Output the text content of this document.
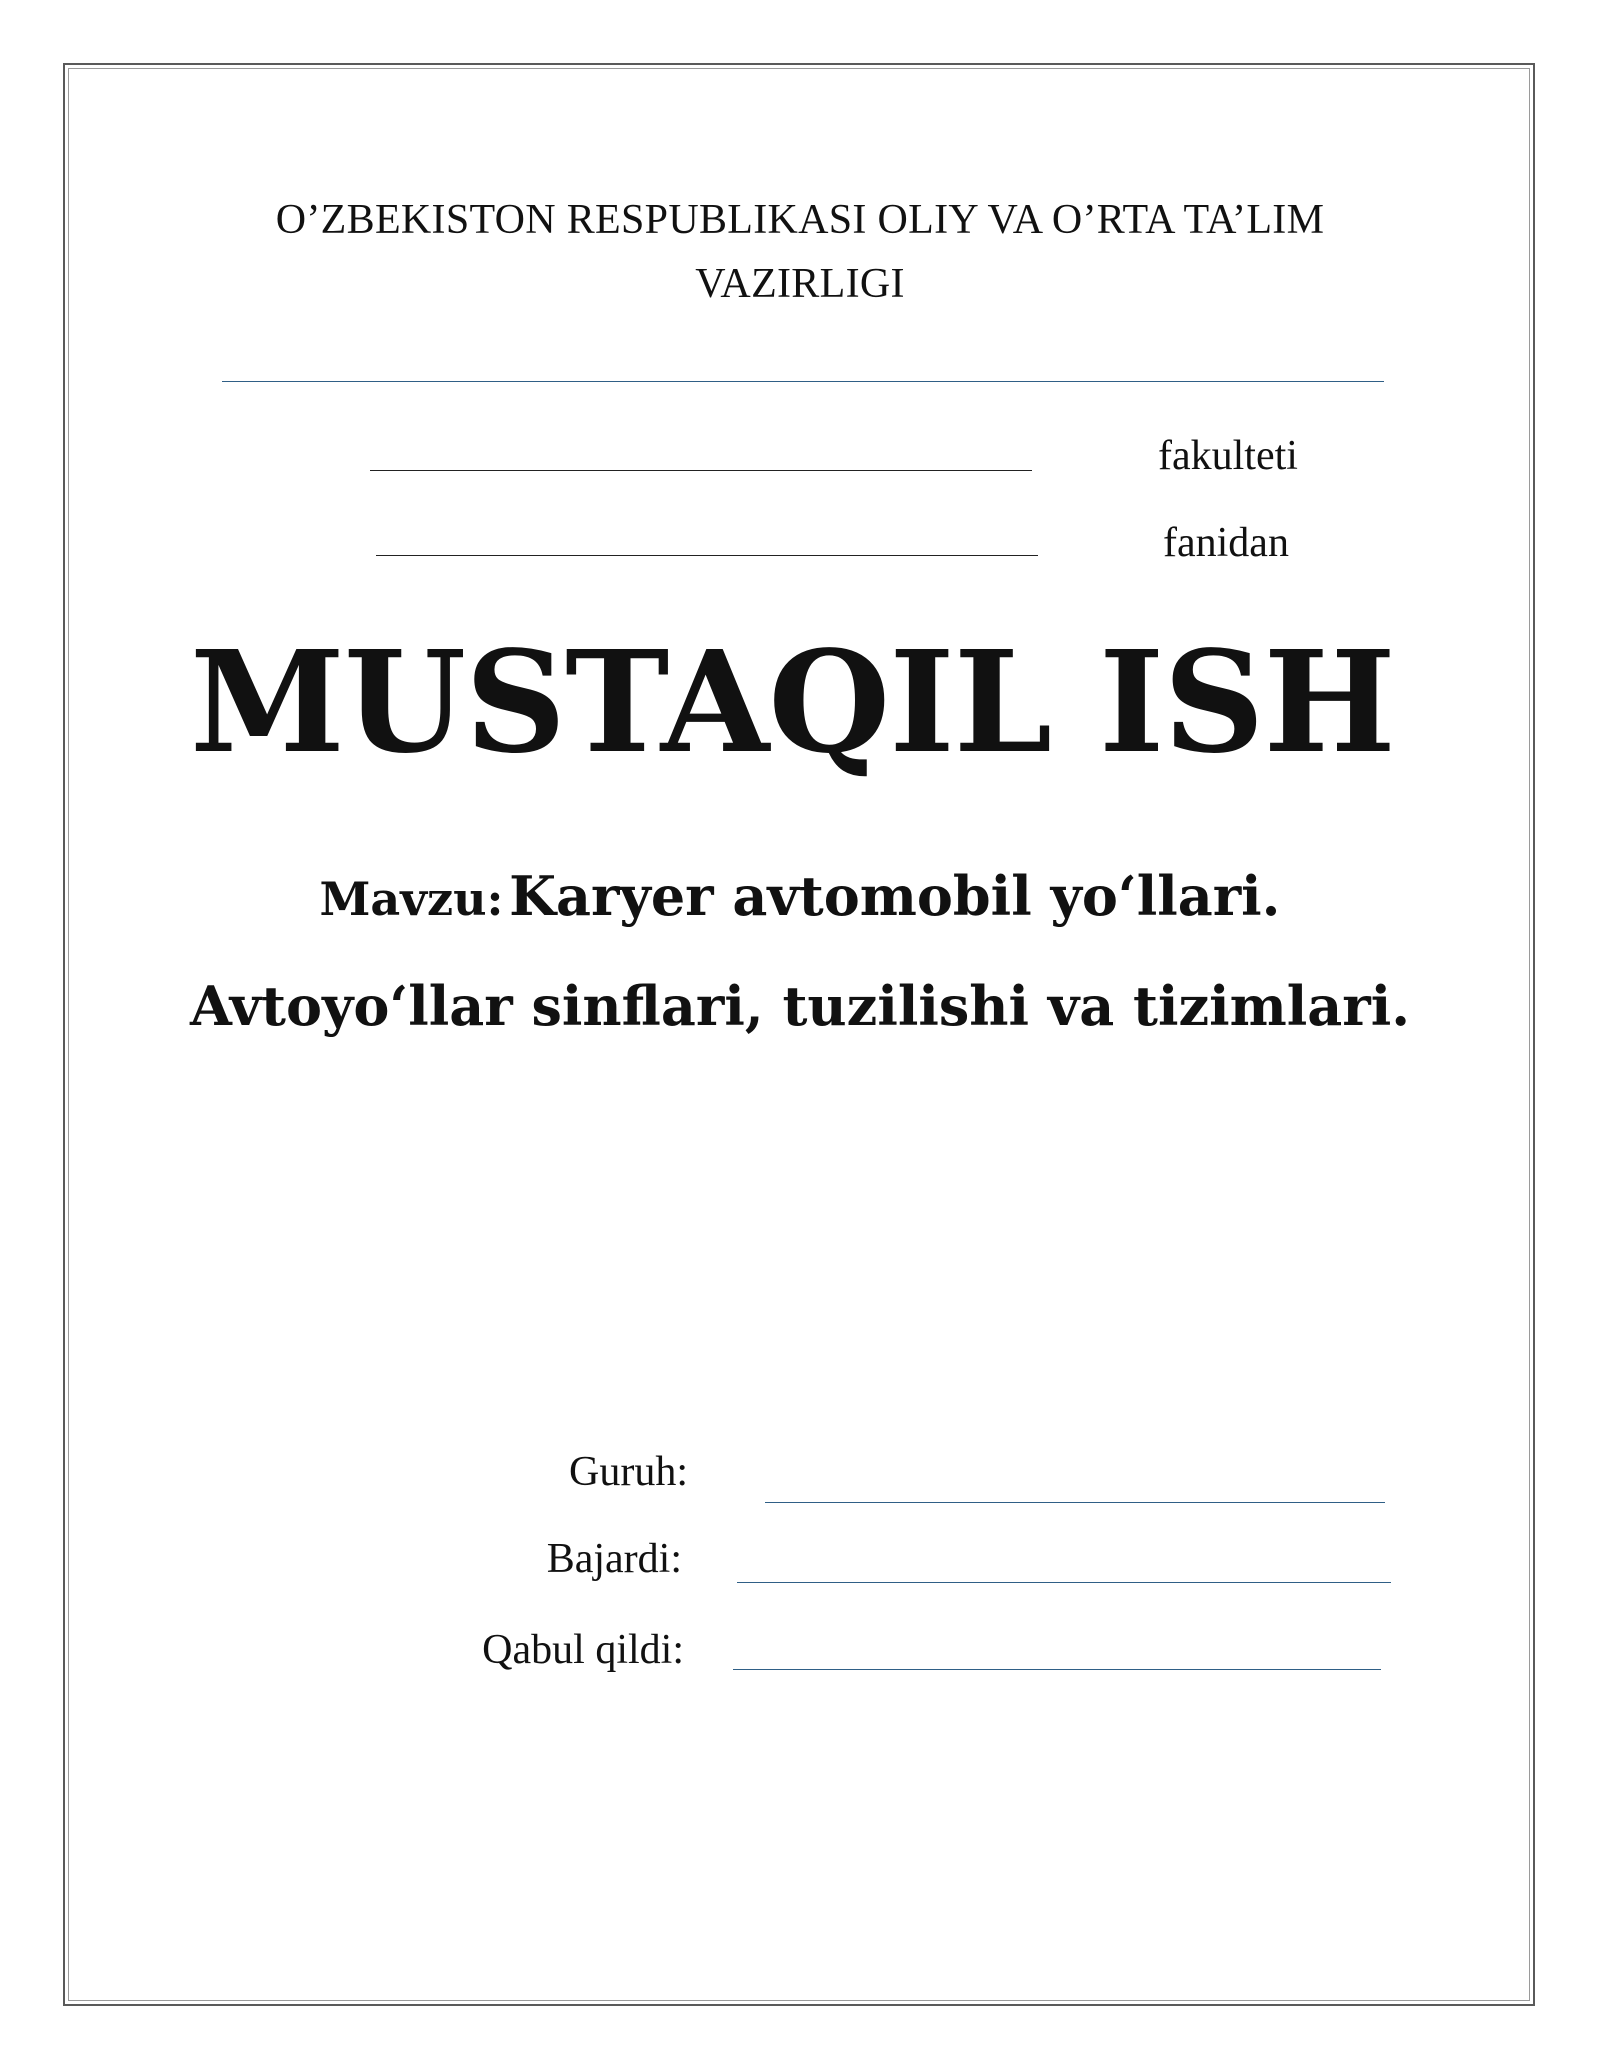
O’ZBEKISTON RESPUBLIKASI OLIY VA O’RTA TA’LIM
VAZIRLIGI
fakulteti
fanidan
MUSTAQIL ISH
Mavzu: Karyer avtomobil yo‘llari.
Avtoyo‘llar sinflari, tuzilishi va tizimlari.
Guruh:
Bajardi:
Qabul qildi:
